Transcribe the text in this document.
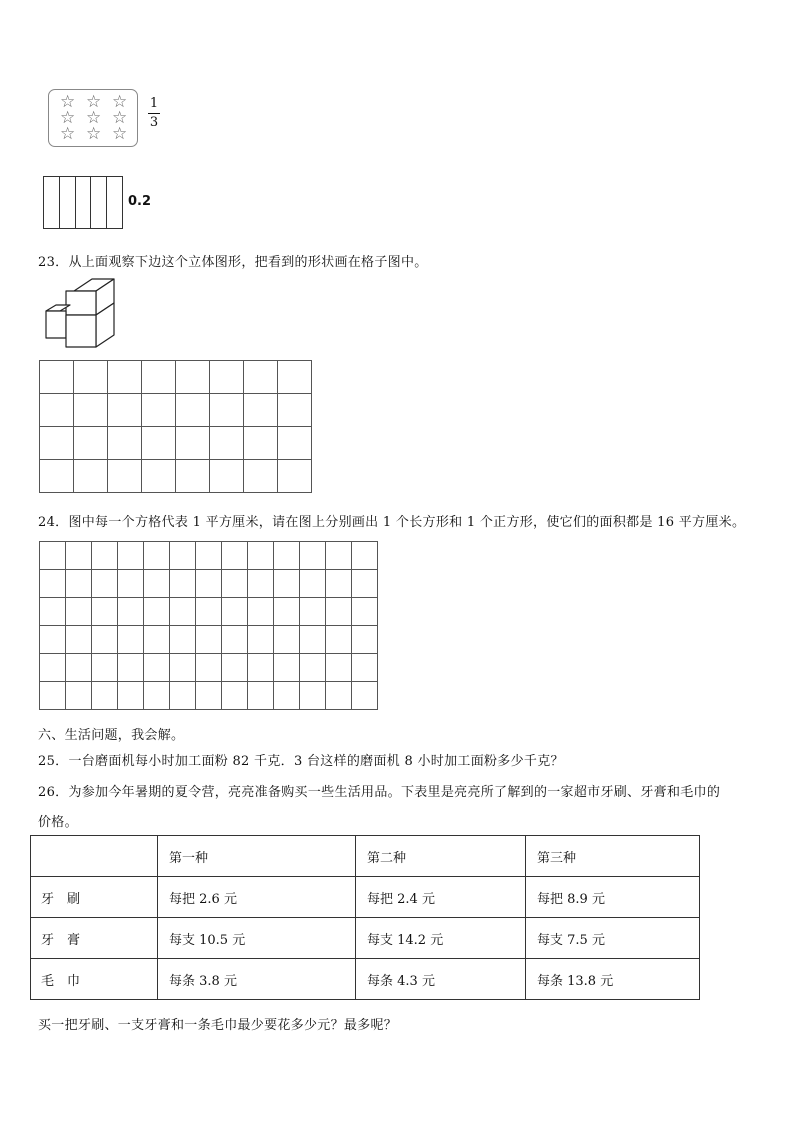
☆ ☆ ☆
☆ ☆ ☆
☆ ☆ ☆
1
3
0.2
23．从上面观察下边这个立体图形，把看到的形状画在格子图中。

24．图中每一个方格代表 1 平方厘米，请在图上分别画出 1 个长方形和 1 个正方形，使它们的面积都是 16 平方厘米。

六、生活问题，我会解。
25．一台磨面机每小时加工面粉 82 千克．3 台这样的磨面机 8 小时加工面粉多少千克？
26．为参加今年暑期的夏令营，亮亮准备购买一些生活用品。下表里是亮亮所了解到的一家超市牙刷、牙膏和毛巾的
价格。
	第一种	第二种	第三种
牙　刷	每把 2.6 元	每把 2.4 元	每把 8.9 元
牙　膏	每支 10.5 元	每支 14.2 元	每支 7.5 元
毛　巾	每条 3.8 元	每条 4.3 元	每条 13.8 元
买一把牙刷、一支牙膏和一条毛巾最少要花多少元？最多呢？
